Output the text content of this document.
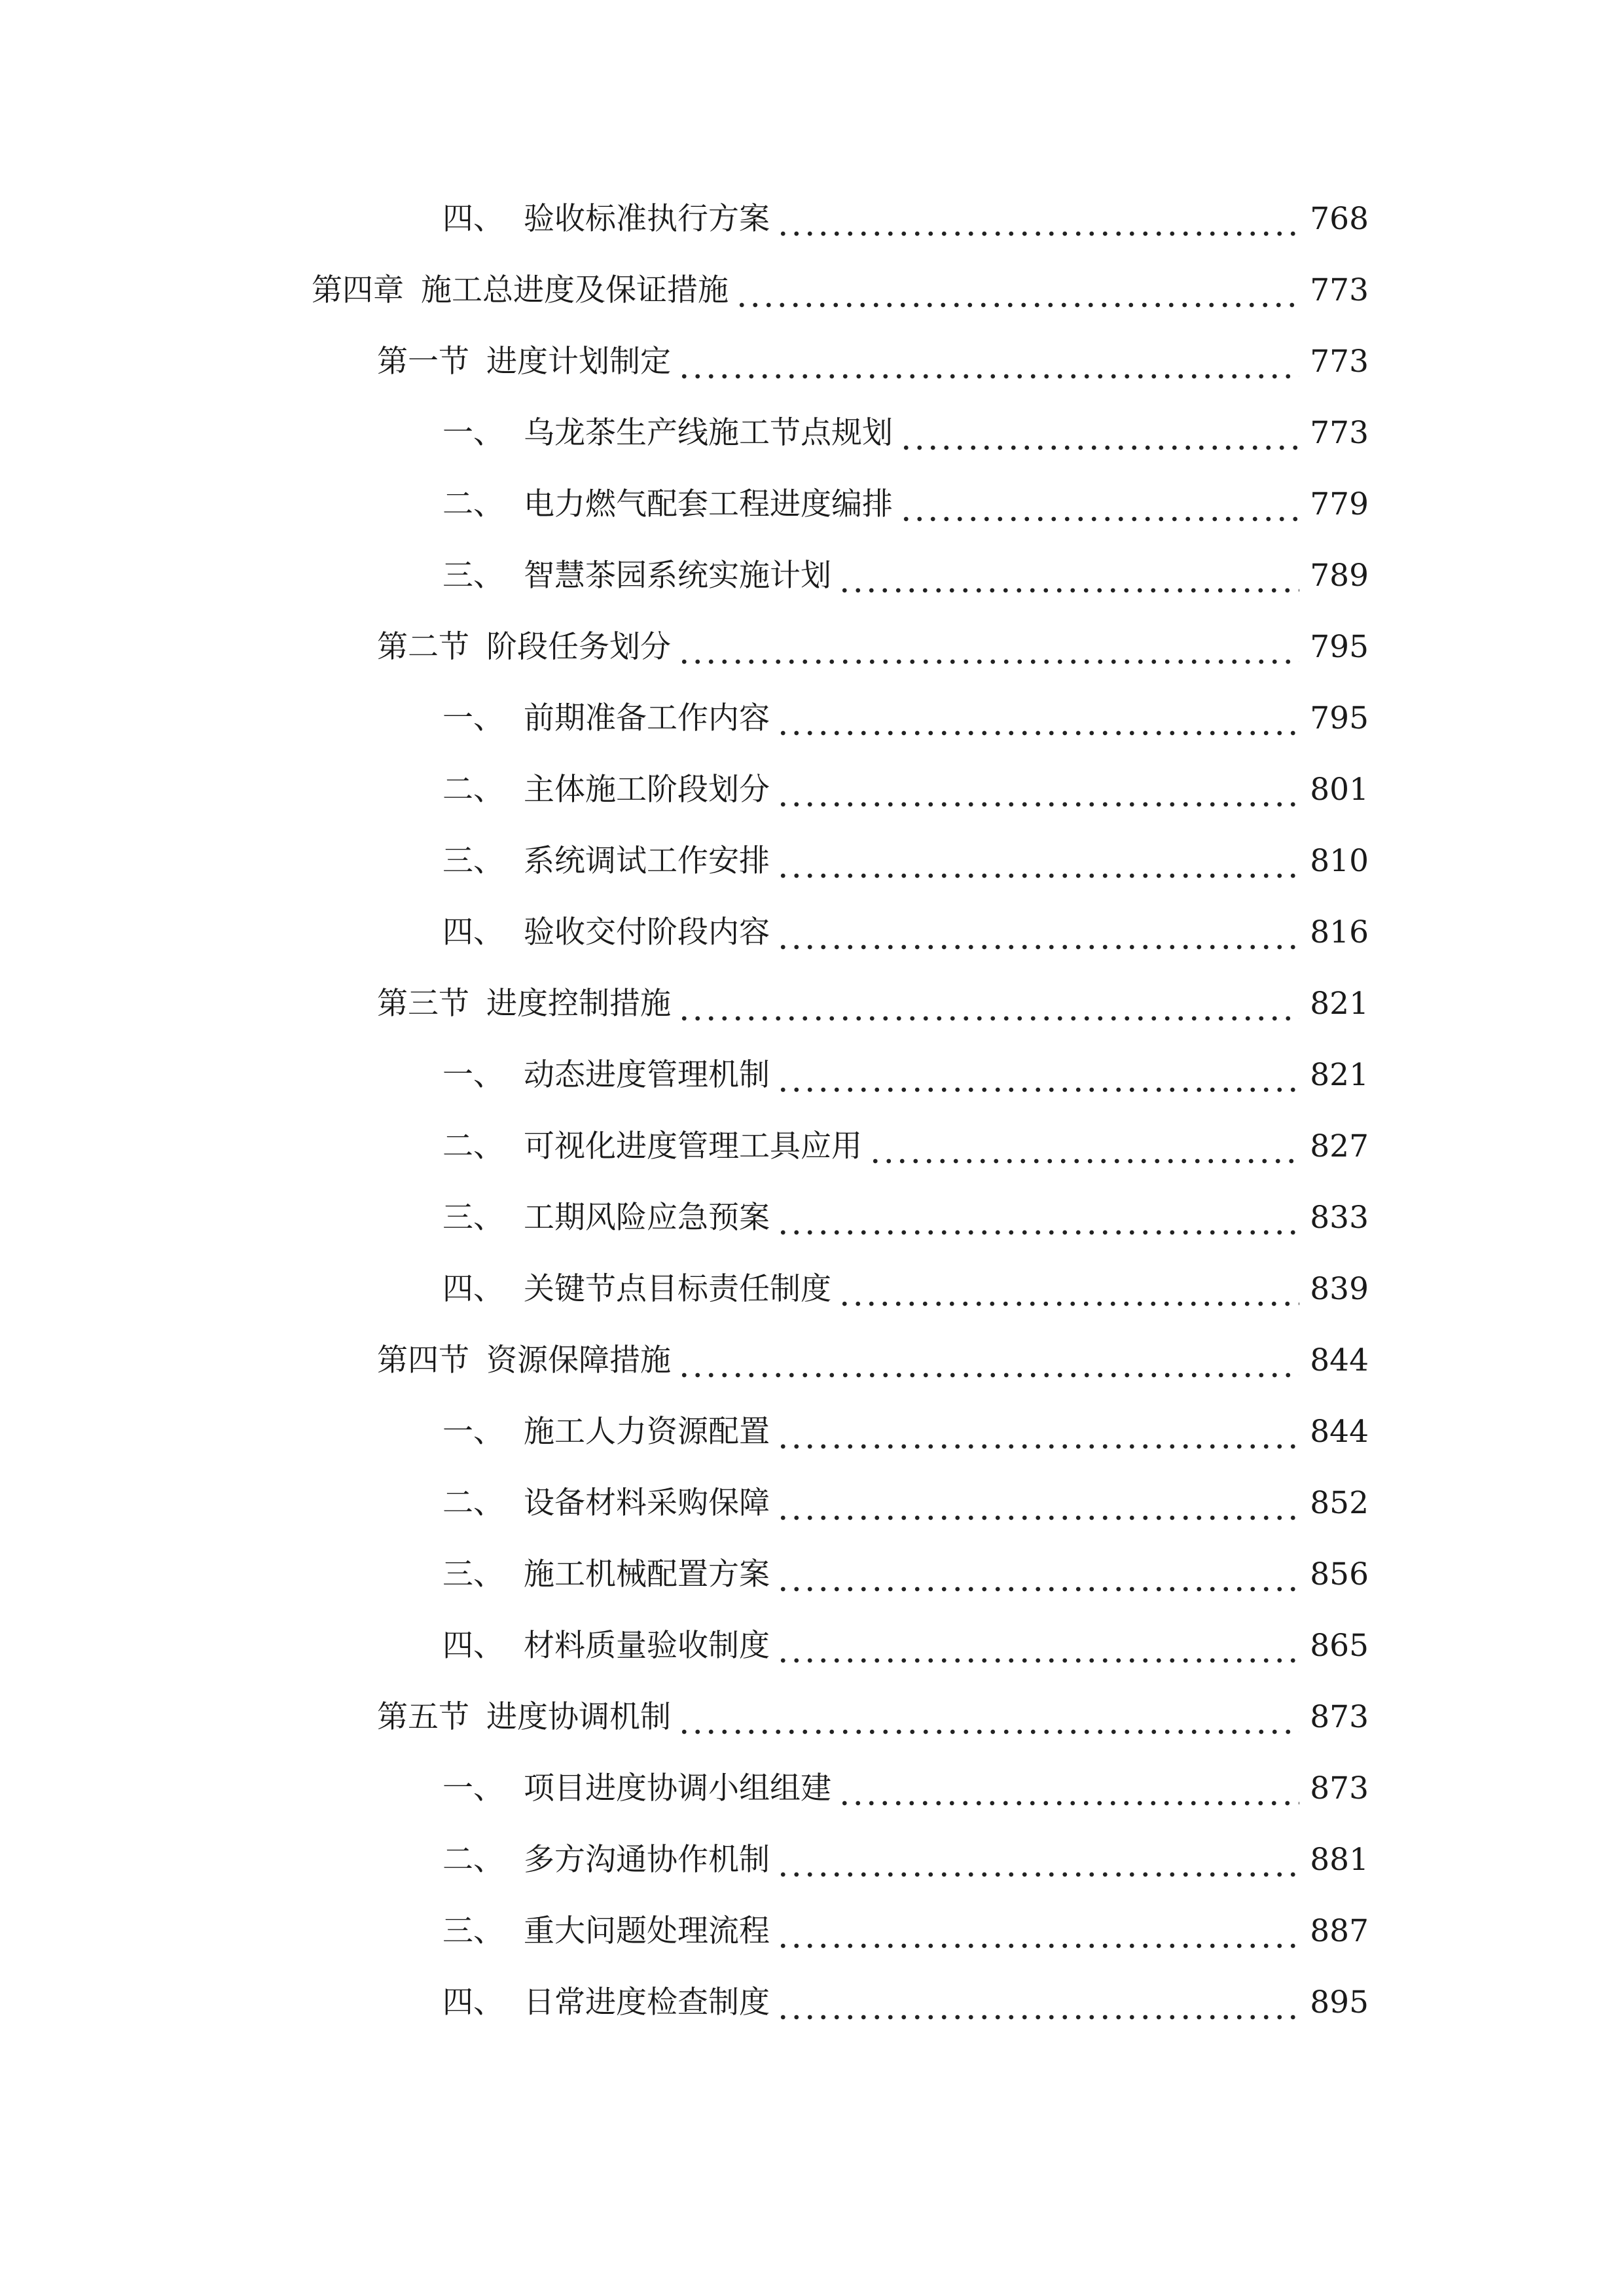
四、 验收标准执行方案	768
第四章 施工总进度及保证措施	773
第一节 进度计划制定	773
一、 乌龙茶生产线施工节点规划	773
二、 电力燃气配套工程进度编排	779
三、 智慧茶园系统实施计划	789
第二节 阶段任务划分	795
一、 前期准备工作内容	795
二、 主体施工阶段划分	801
三、 系统调试工作安排	810
四、 验收交付阶段内容	816
第三节 进度控制措施	821
一、 动态进度管理机制	821
二、 可视化进度管理工具应用	827
三、 工期风险应急预案	833
四、 关键节点目标责任制度	839
第四节 资源保障措施	844
一、 施工人力资源配置	844
二、 设备材料采购保障	852
三、 施工机械配置方案	856
四、 材料质量验收制度	865
第五节 进度协调机制	873
一、 项目进度协调小组组建	873
二、 多方沟通协作机制	881
三、 重大问题处理流程	887
四、 日常进度检查制度	895
